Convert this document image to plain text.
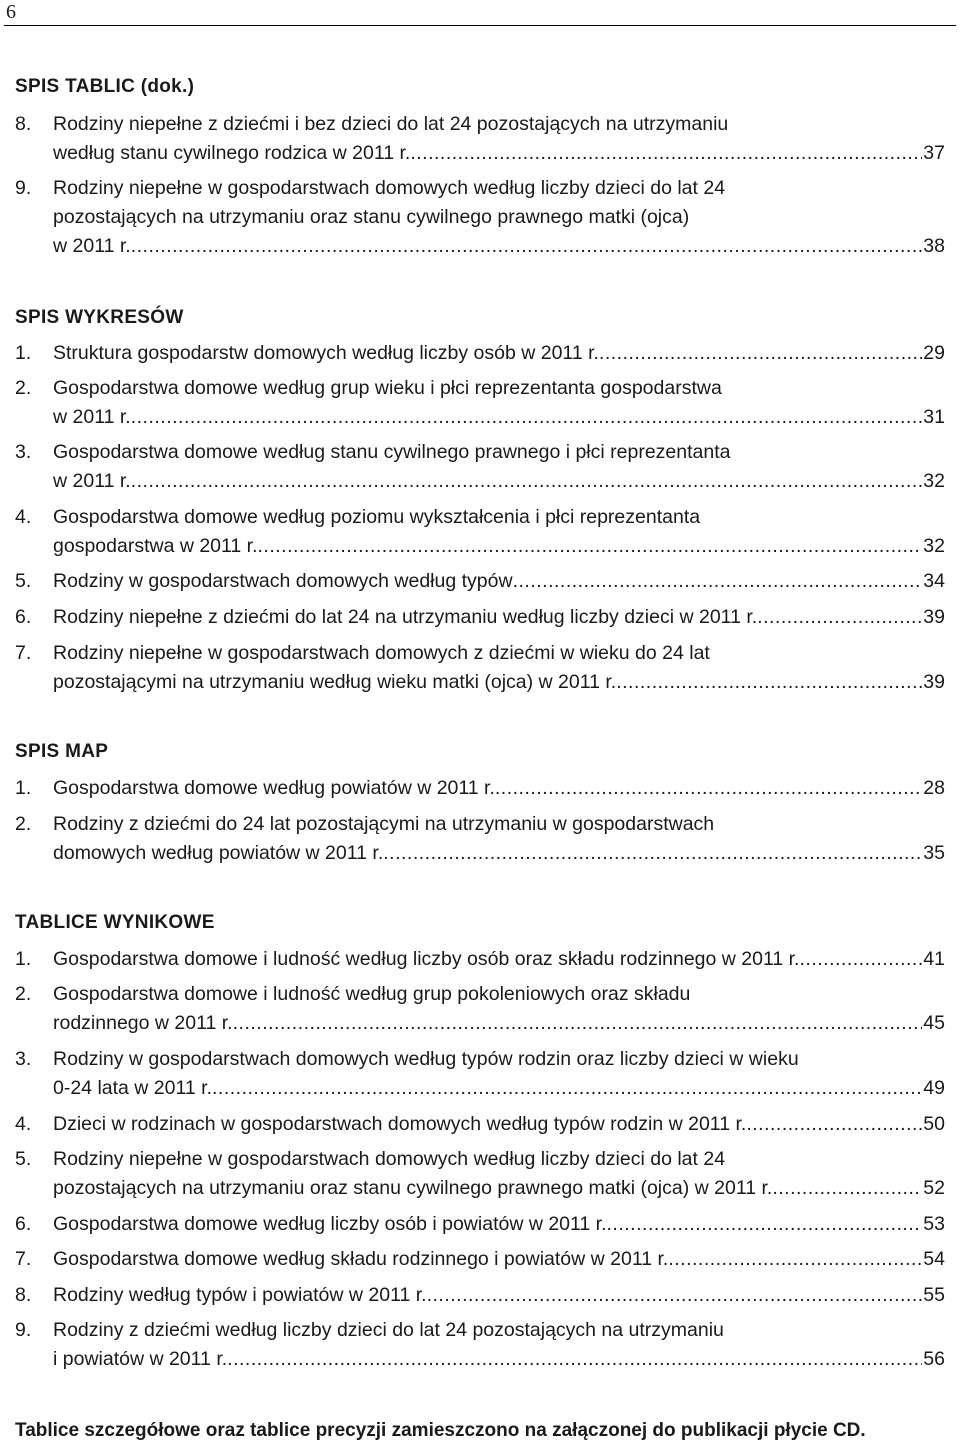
6
SPIS TABLIC (dok.)
8.	Rodziny niepełne z dziećmi i bez dzieci do lat 24 pozostających na utrzymaniu
według stanu cywilnego rodzica w 2011 r. .....	37
9.	Rodziny niepełne w gospodarstwach domowych według liczby dzieci do lat 24
pozostających na utrzymaniu oraz stanu cywilnego prawnego matki (ojca)
w 2011 r. .....	38
SPIS WYKRESÓW
1. Struktura gospodarstw domowych według liczby osób w 2011 r. .....	29
2.	Gospodarstwa domowe według grup wieku i płci reprezentanta gospodarstwa
w 2011 r. .....	31
3.	Gospodarstwa domowe według stanu cywilnego prawnego i płci reprezentanta
w 2011 r. .....	32
4.	Gospodarstwa domowe według poziomu wykształcenia i płci reprezentanta
gospodarstwa w 2011 r. .....	32
5. Rodziny w gospodarstwach domowych według typów .....	34
6. Rodziny niepełne z dziećmi do lat 24 na utrzymaniu według liczby dzieci w 2011 r. .....	39
7.	Rodziny niepełne w gospodarstwach domowych z dziećmi w wieku do 24 lat
pozostającymi na utrzymaniu według wieku matki (ojca) w 2011 r. .....	39
SPIS MAP
1. Gospodarstwa domowe według powiatów w 2011 r. .....	28
2.	Rodziny z dziećmi do 24 lat pozostającymi na utrzymaniu w gospodarstwach
domowych według powiatów w 2011 r. .....	35
TABLICE WYNIKOWE
1. Gospodarstwa domowe i ludność według liczby osób oraz składu rodzinnego w 2011 r. .....	41
2.	Gospodarstwa domowe i ludność według grup pokoleniowych oraz składu
rodzinnego w 2011 r. .....	45
3.	Rodziny w gospodarstwach domowych według typów rodzin oraz liczby dzieci w wieku
0-24 lata w 2011 r. .....	49
4. Dzieci w rodzinach w gospodarstwach domowych według typów rodzin w 2011 r. .....	50
5.	Rodziny niepełne w gospodarstwach domowych według liczby dzieci do lat 24
pozostających na utrzymaniu oraz stanu cywilnego prawnego matki (ojca) w 2011 r. .....	52
6. Gospodarstwa domowe według liczby osób i powiatów w 2011 r. .....	53
7. Gospodarstwa domowe według składu rodzinnego i powiatów w 2011 r. .....	54
8. Rodziny według typów i powiatów w 2011 r. .....	55
9.	Rodziny z dziećmi według liczby dzieci do lat 24 pozostających na utrzymaniu
i powiatów w 2011 r. .....	56
Tablice szczegółowe oraz tablice precyzji zamieszczono na załączonej do publikacji płycie CD.
